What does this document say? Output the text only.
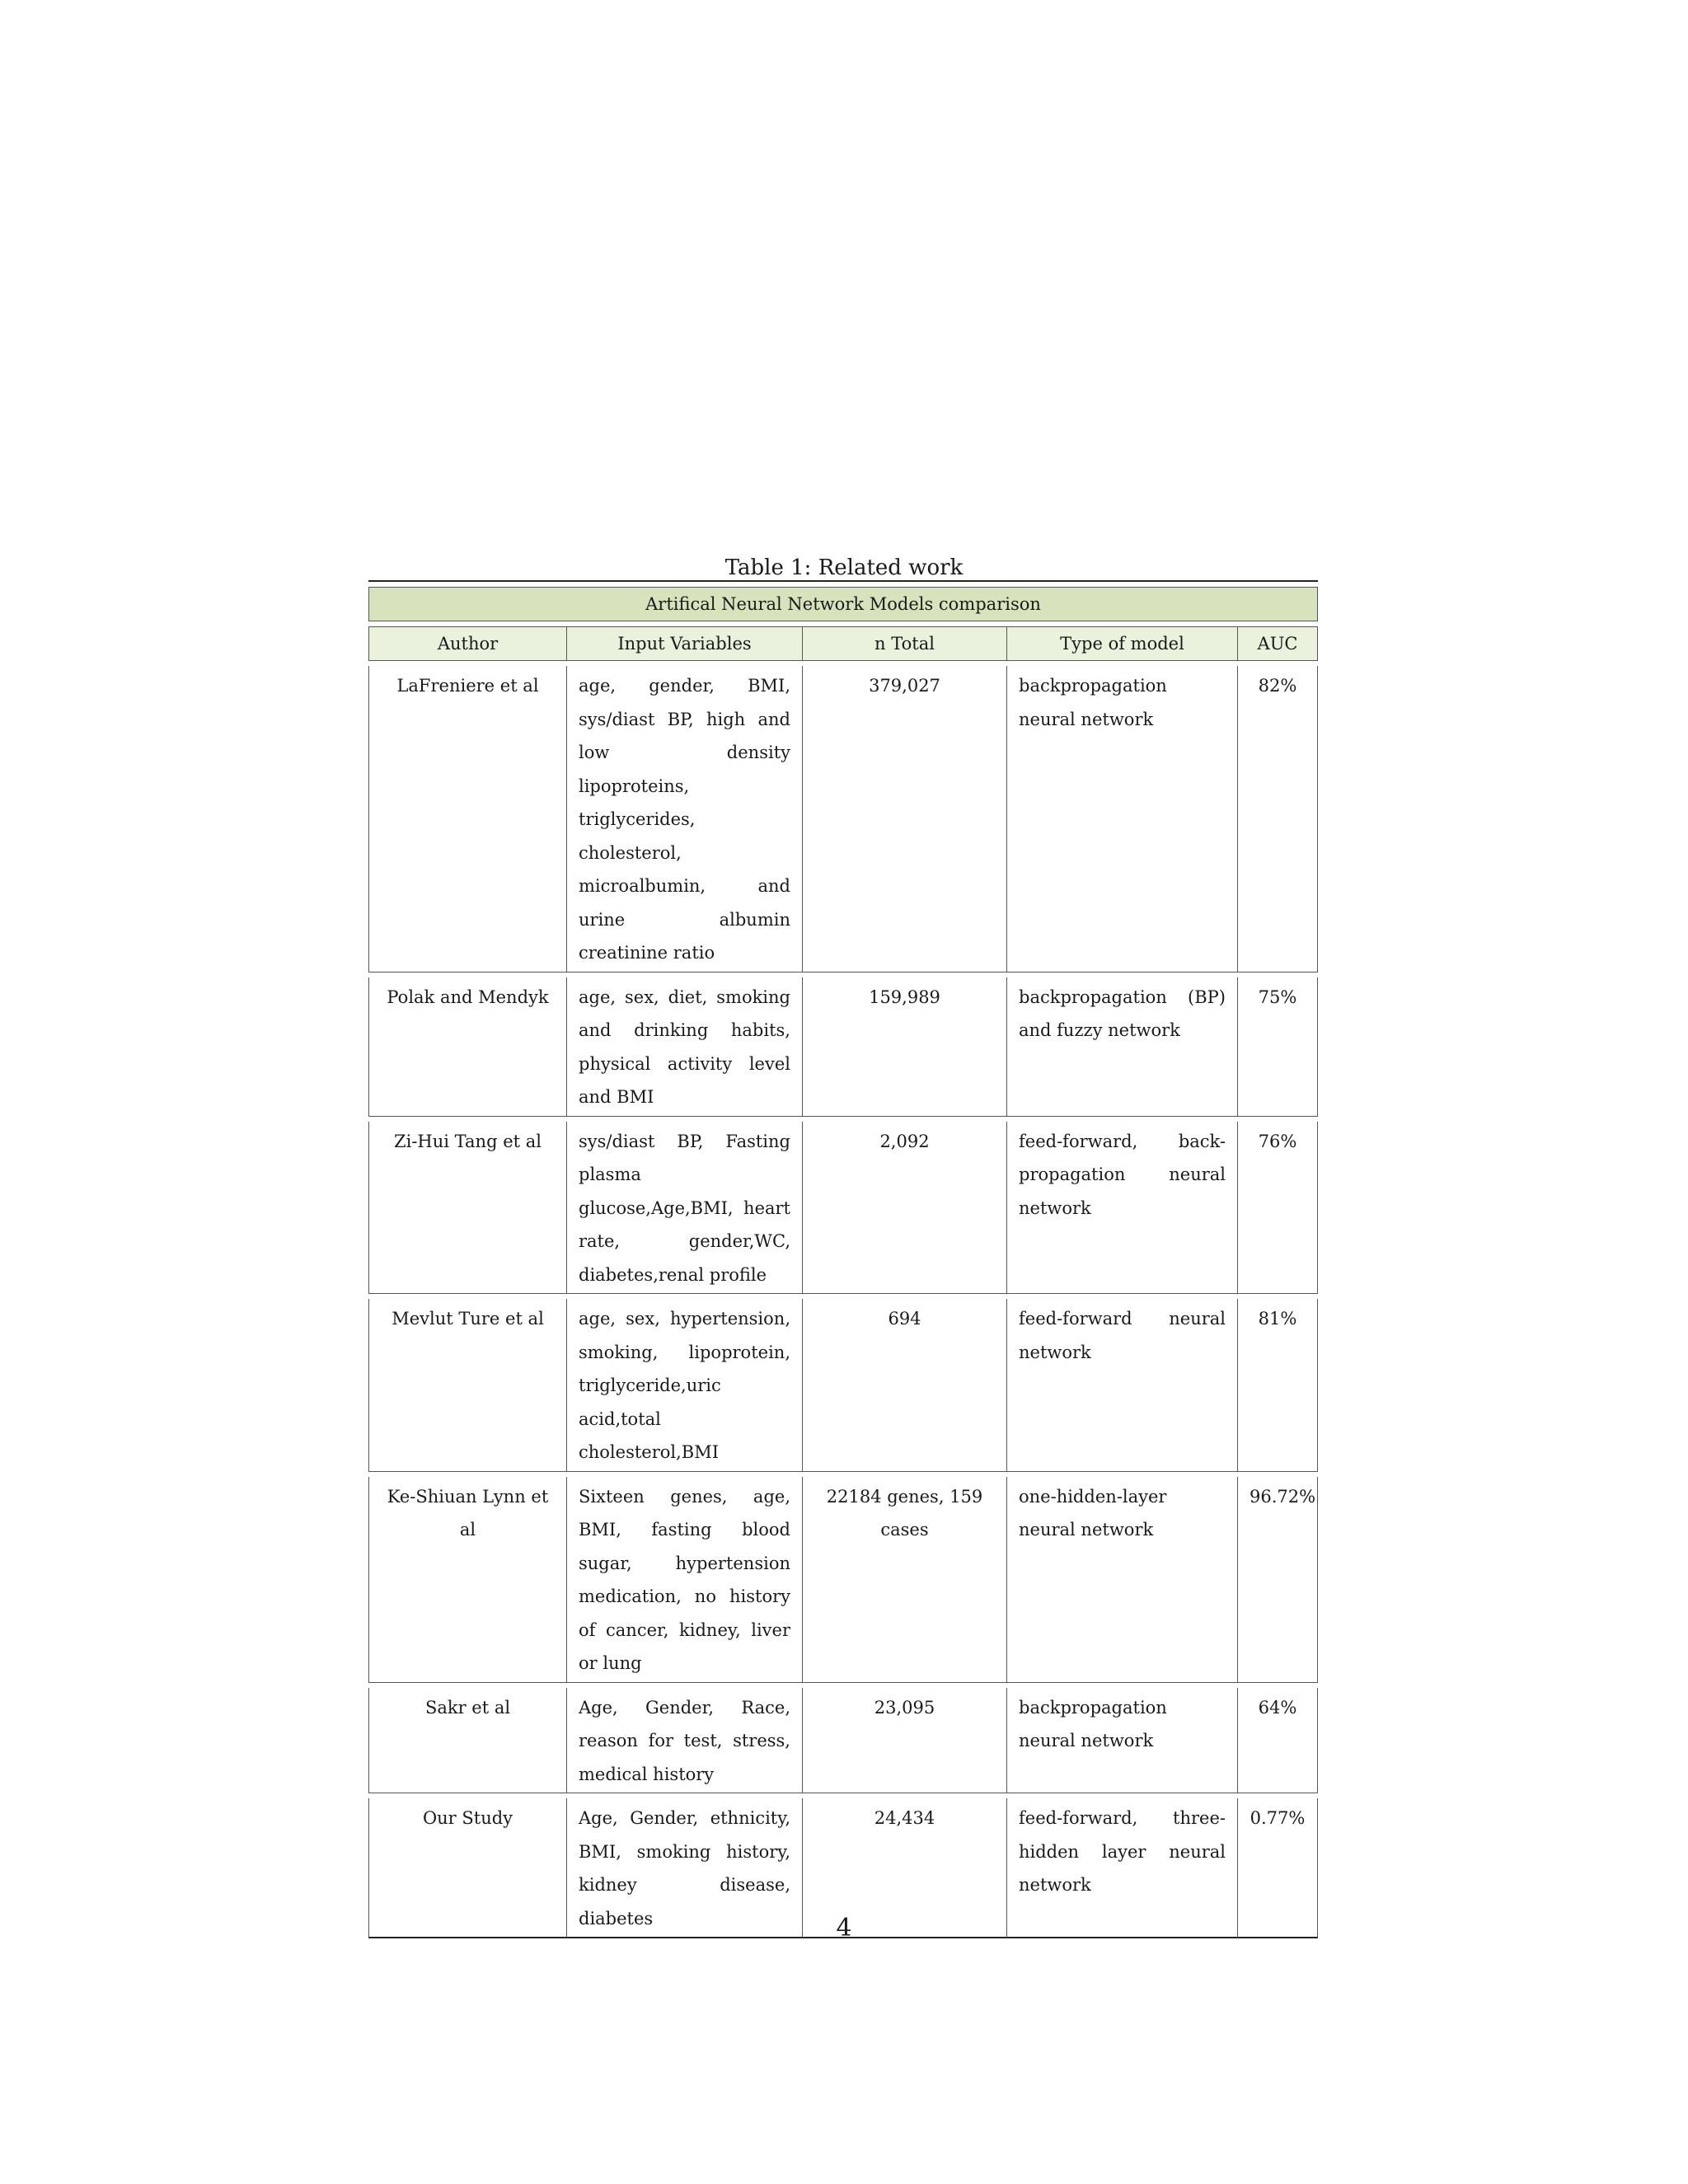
Table 1: Related work

Artifical Neural Network Models comparison				

Author	Input Variables	n Total	Type of model	AUC

LaFreniere et al	age, gender, BMI, sys/diast BP, high and low density lipoproteins, triglycerides, cholesterol, microalbumin, and urine albumin creatinine ratio	379,027	backpropagation neural network	82%

Polak and Mendyk	age, sex, diet, smoking and drinking habits, physical activity level and BMI	159,989	backpropagation (BP) and fuzzy network	75%

Zi-Hui Tang et al	sys/diast BP, Fasting plasma glucose,Age,BMI, heart rate, gender,WC, diabetes,renal profile	2,092	feed-forward, back-propagation neural network	76%

Mevlut Ture et al	age, sex, hypertension, smoking, lipoprotein, triglyceride,uric acid,total cholesterol,BMI	694	feed-forward neural network	81%

Ke-Shiuan Lynn et al	Sixteen genes, age, BMI, fasting blood sugar, hypertension medication, no history of cancer, kidney, liver or lung	22184 genes, 159 cases	one-hidden-layer neural network	96.72%

Sakr et al	Age, Gender, Race, reason for test, stress, medical history	23,095	backpropagation neural network	64%

Our Study	Age, Gender, ethnicity, BMI, smoking history, kidney disease, diabetes	24,434	feed-forward, three-hidden layer neural network	0.77%
4
